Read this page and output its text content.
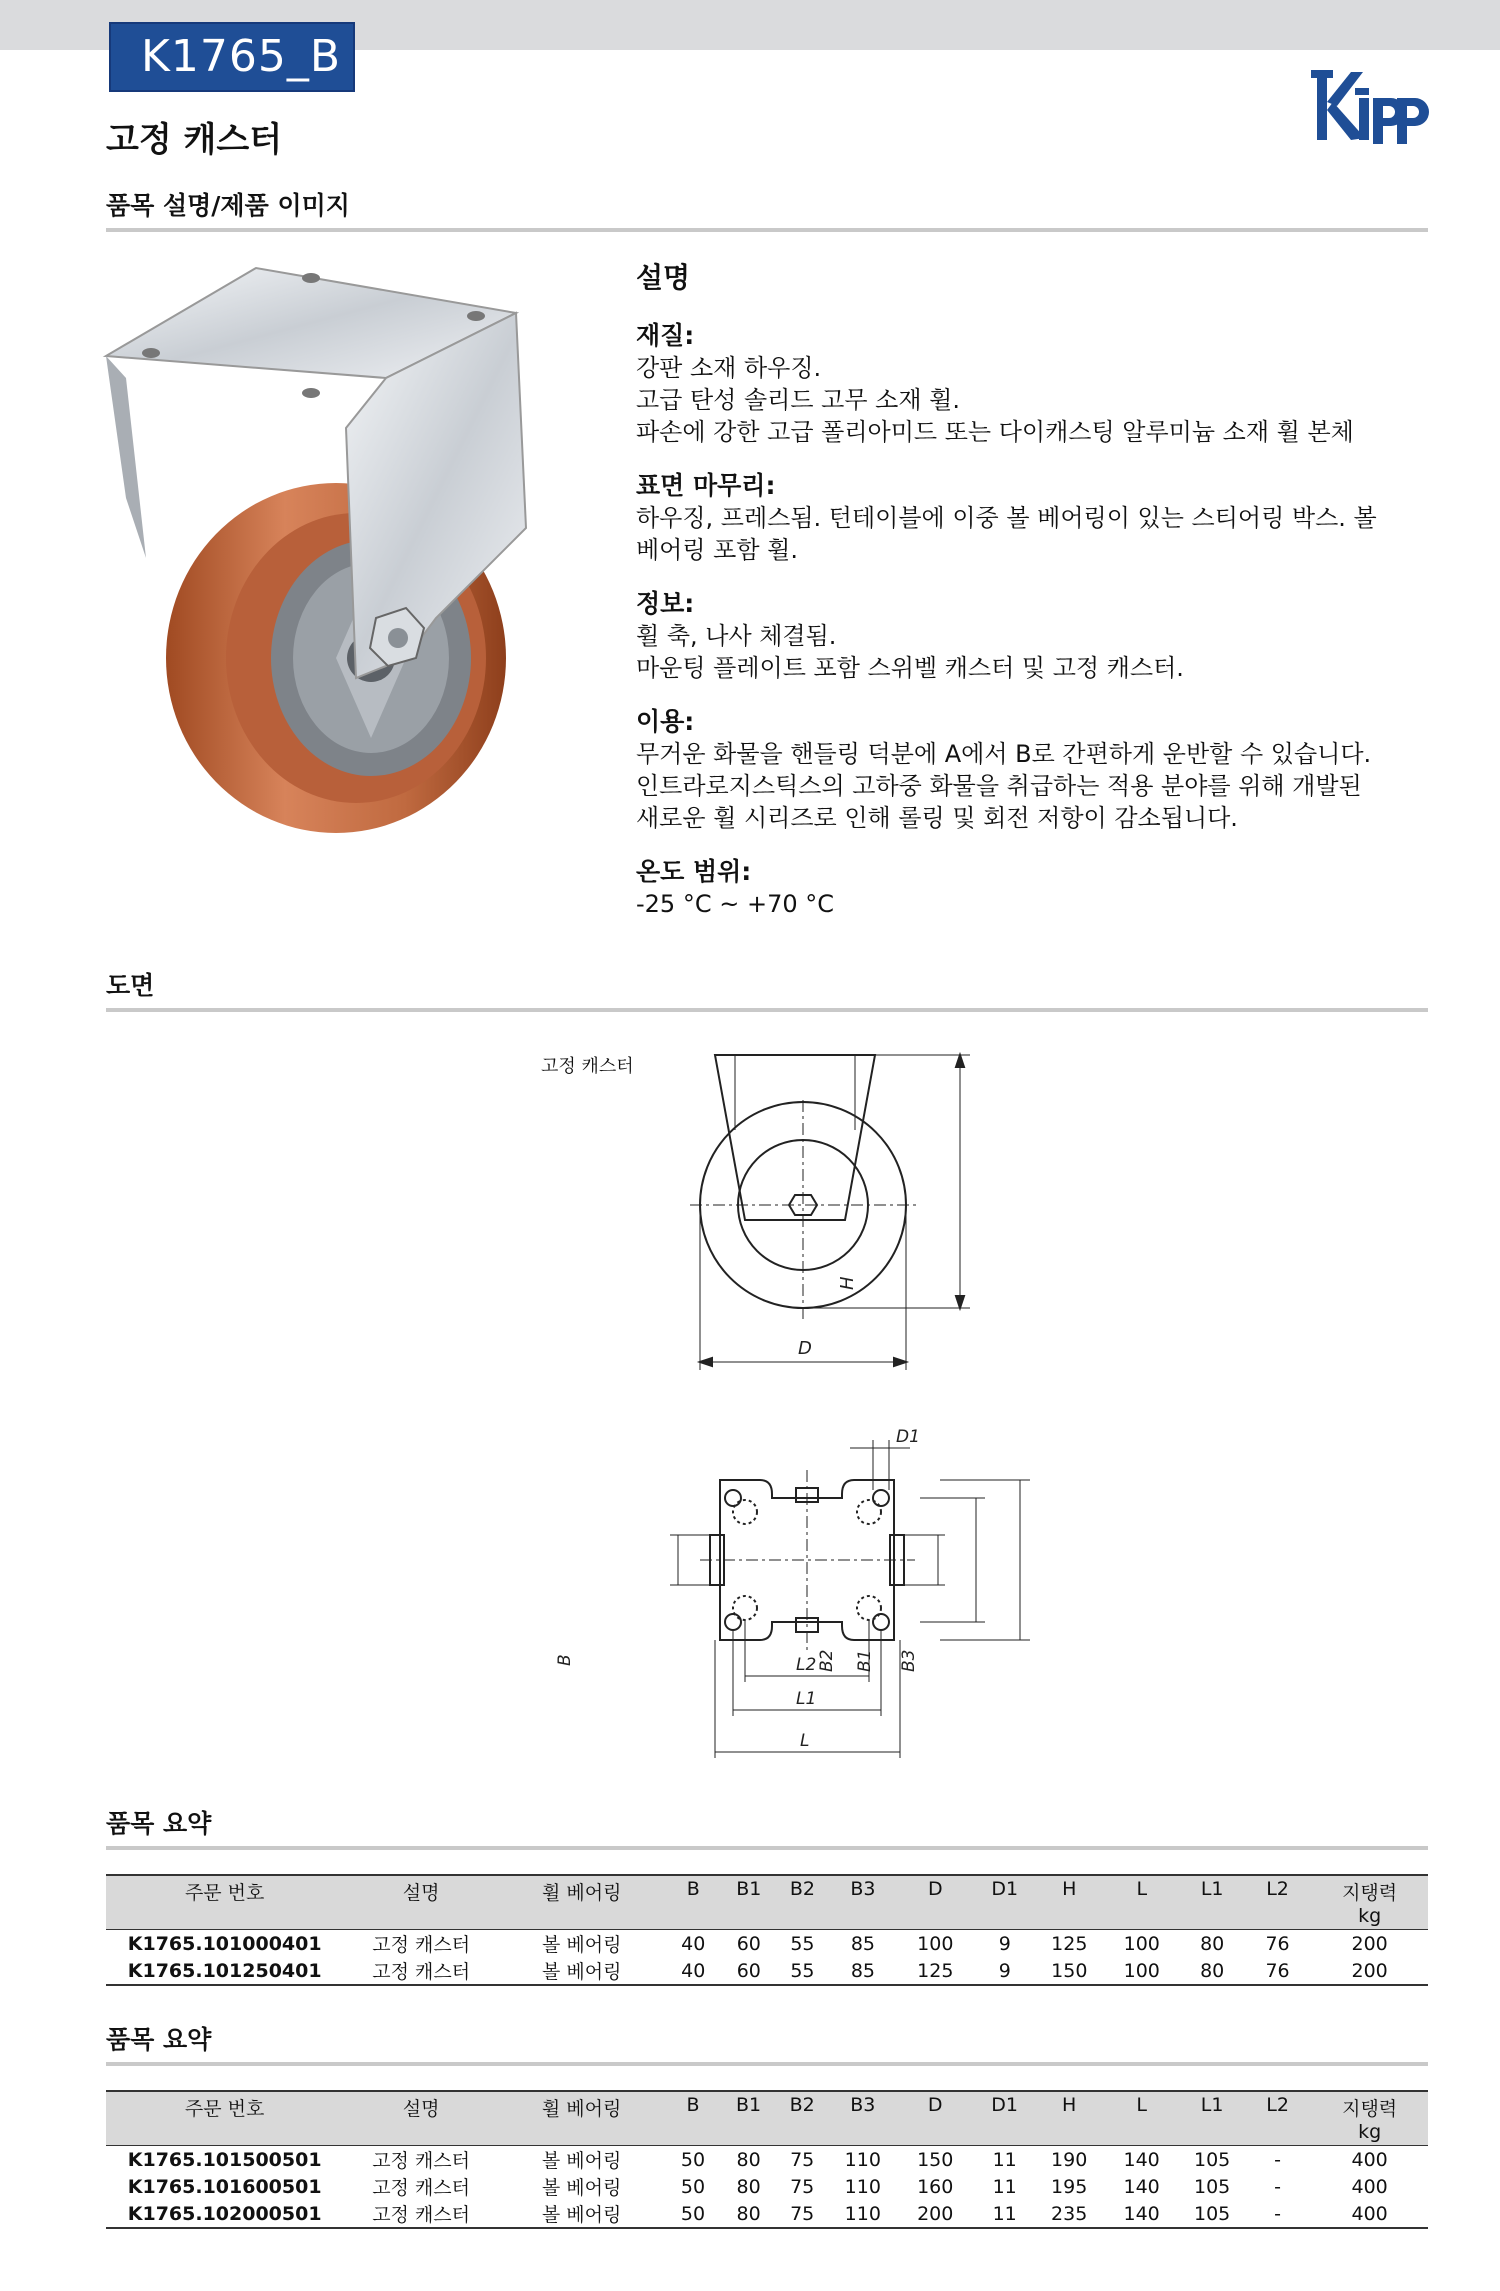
K1765_B
고정 캐스터
품목 설명/제품 이미지
설명
재질:
강판 소재 하우징.
고급 탄성 솔리드 고무 소재 휠.
파손에 강한 고급 폴리아미드 또는 다이캐스팅 알루미늄 소재 휠 본체
표면 마무리:
하우징, 프레스됨. 턴테이블에 이중 볼 베어링이 있는 스티어링 박스. 볼
베어링 포함 휠.
정보:
휠 축, 나사 체결됨.
마운팅 플레이트 포함 스위벨 캐스터 및 고정 캐스터.
이용:
무거운 화물을 핸들링 덕분에 A에서 B로 간편하게 운반할 수 있습니다.
인트라로지스틱스의 고하중 화물을 취급하는 적용 분야를 위해 개발된
새로운 휠 시리즈로 인해 롤링 및 회전 저항이 감소됩니다.
온도 범위:
-25 °C ~ +70 °C
도면
고정 캐스터
H
D
D1
B	B2 B1 B3
L2
L1
L
품목 요약
주문 번호	설명	휠 베어링	B	B1	B2	B3	D	D1	H	L	L1	L2	지탱력
kg

K1765.101000401	고정 캐스터	볼 베어링	40	60	55	85	100	9	125	100	80	76	200
K1765.101250401	고정 캐스터	볼 베어링	40	60	55	85	125	9	150	100	80	76	200
품목 요약
주문 번호	설명	휠 베어링	B	B1	B2	B3	D	D1	H	L	L1	L2	지탱력
kg

K1765.101500501	고정 캐스터	볼 베어링	50	80	75	110	150	11	190	140	105	-	400
K1765.101600501	고정 캐스터	볼 베어링	50	80	75	110	160	11	195	140	105	-	400
K1765.102000501	고정 캐스터	볼 베어링	50	80	75	110	200	11	235	140	105	-	400
